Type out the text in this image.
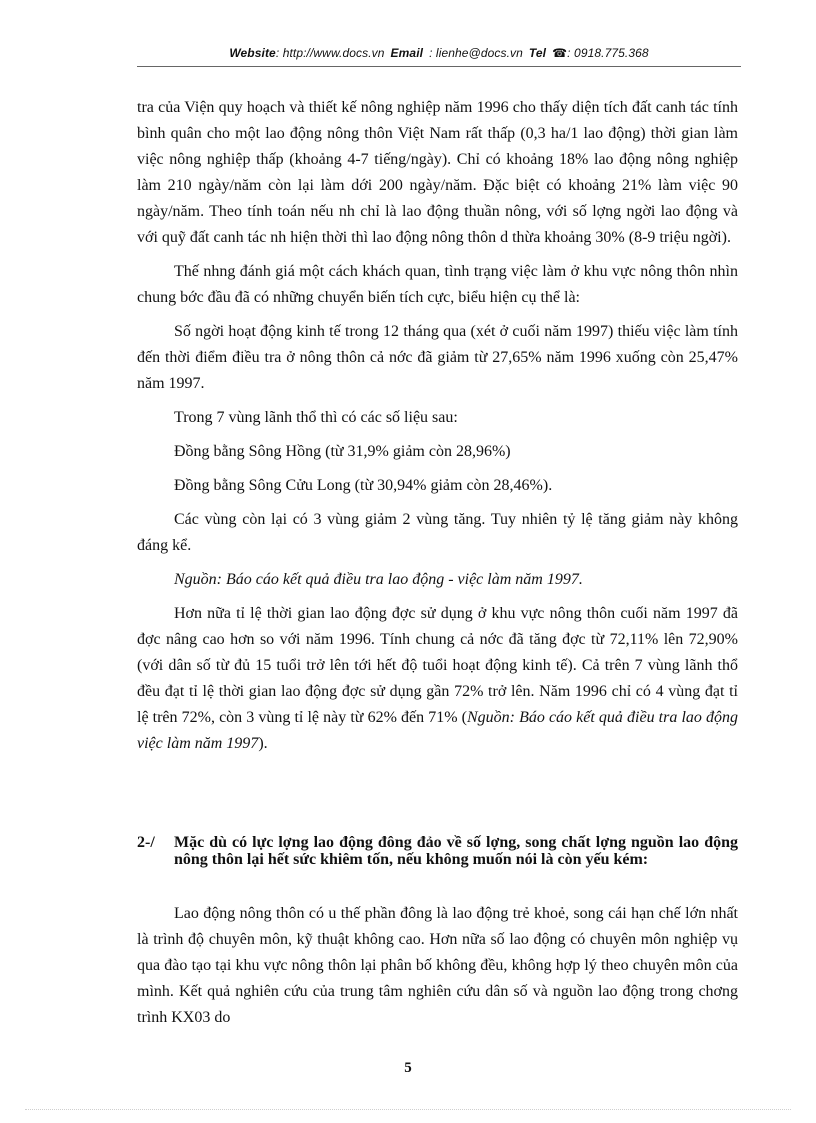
Website: http://www.docs.vn Email : lienhe@docs.vn Tel ☎: 0918.775.368

tra của Viện quy hoạch và thiết kế nông nghiệp năm 1996 cho thấy diện tích đất canh tác tính bình quân cho một lao động nông thôn Việt Nam rất thấp (0,3 ha/1 lao động) thời gian làm việc nông nghiệp thấp (khoảng 4-7 tiếng/ngày). Chỉ có khoảng 18% lao động nông nghiệp làm 210 ngày/năm còn lại làm dới 200 ngày/năm. Đặc biệt có khoảng 21% làm việc 90 ngày/năm. Theo tính toán nếu nh chỉ là lao động thuần nông, với số lợng ngời lao động và với quỹ đất canh tác nh hiện thời thì lao động nông thôn d thừa khoảng 30% (8-9 triệu ngời).

Thế nhng đánh giá một cách khách quan, tình trạng việc làm ở khu vực nông thôn nhìn chung bớc đầu đã có những chuyển biến tích cực, biểu hiện cụ thể là:

Số ngời hoạt động kinh tế trong 12 tháng qua (xét ở cuối năm 1997) thiếu việc làm tính đến thời điểm điều tra ở nông thôn cả nớc đã giảm từ 27,65% năm 1996 xuống còn 25,47% năm 1997.

Trong 7 vùng lãnh thổ thì có các số liệu sau:

Đồng bằng Sông Hồng (từ 31,9% giảm còn 28,96%)

Đồng bằng Sông Cửu Long (từ 30,94% giảm còn 28,46%).

Các vùng còn lại có 3 vùng giảm 2 vùng tăng. Tuy nhiên tỷ lệ tăng giảm này không đáng kể.

Nguồn: Báo cáo kết quả điều tra lao động - việc làm năm 1997.

Hơn nữa tỉ lệ thời gian lao động đợc sử dụng ở khu vực nông thôn cuối năm 1997 đã đợc nâng cao hơn so với năm 1996. Tính chung cả nớc đã tăng đợc từ 72,11% lên 72,90% (với dân số từ đủ 15 tuổi trở lên tới hết độ tuổi hoạt động kinh tế). Cả trên 7 vùng lãnh thổ đều đạt tỉ lệ thời gian lao động đợc sử dụng gần 72% trở lên. Năm 1996 chỉ có 4 vùng đạt tỉ lệ trên 72%, còn 3 vùng tỉ lệ này từ 62% đến 71% (Nguồn: Báo cáo kết quả điều tra lao động việc làm năm 1997).

2-/	Mặc dù có lực lợng lao động đông đảo về số lợng, song chất lợng nguồn lao động nông thôn lại hết sức khiêm tốn, nếu không muốn nói là còn yếu kém:

Lao động nông thôn có u thế phần đông là lao động trẻ khoẻ, song cái hạn chế lớn nhất là trình độ chuyên môn, kỹ thuật không cao. Hơn nữa số lao động có chuyên môn nghiệp vụ qua đào tạo tại khu vực nông thôn lại phân bố không đều, không hợp lý theo chuyên môn của mình. Kết quả nghiên cứu của trung tâm nghiên cứu dân số và nguồn lao động trong chơng trình KX03 do

5
